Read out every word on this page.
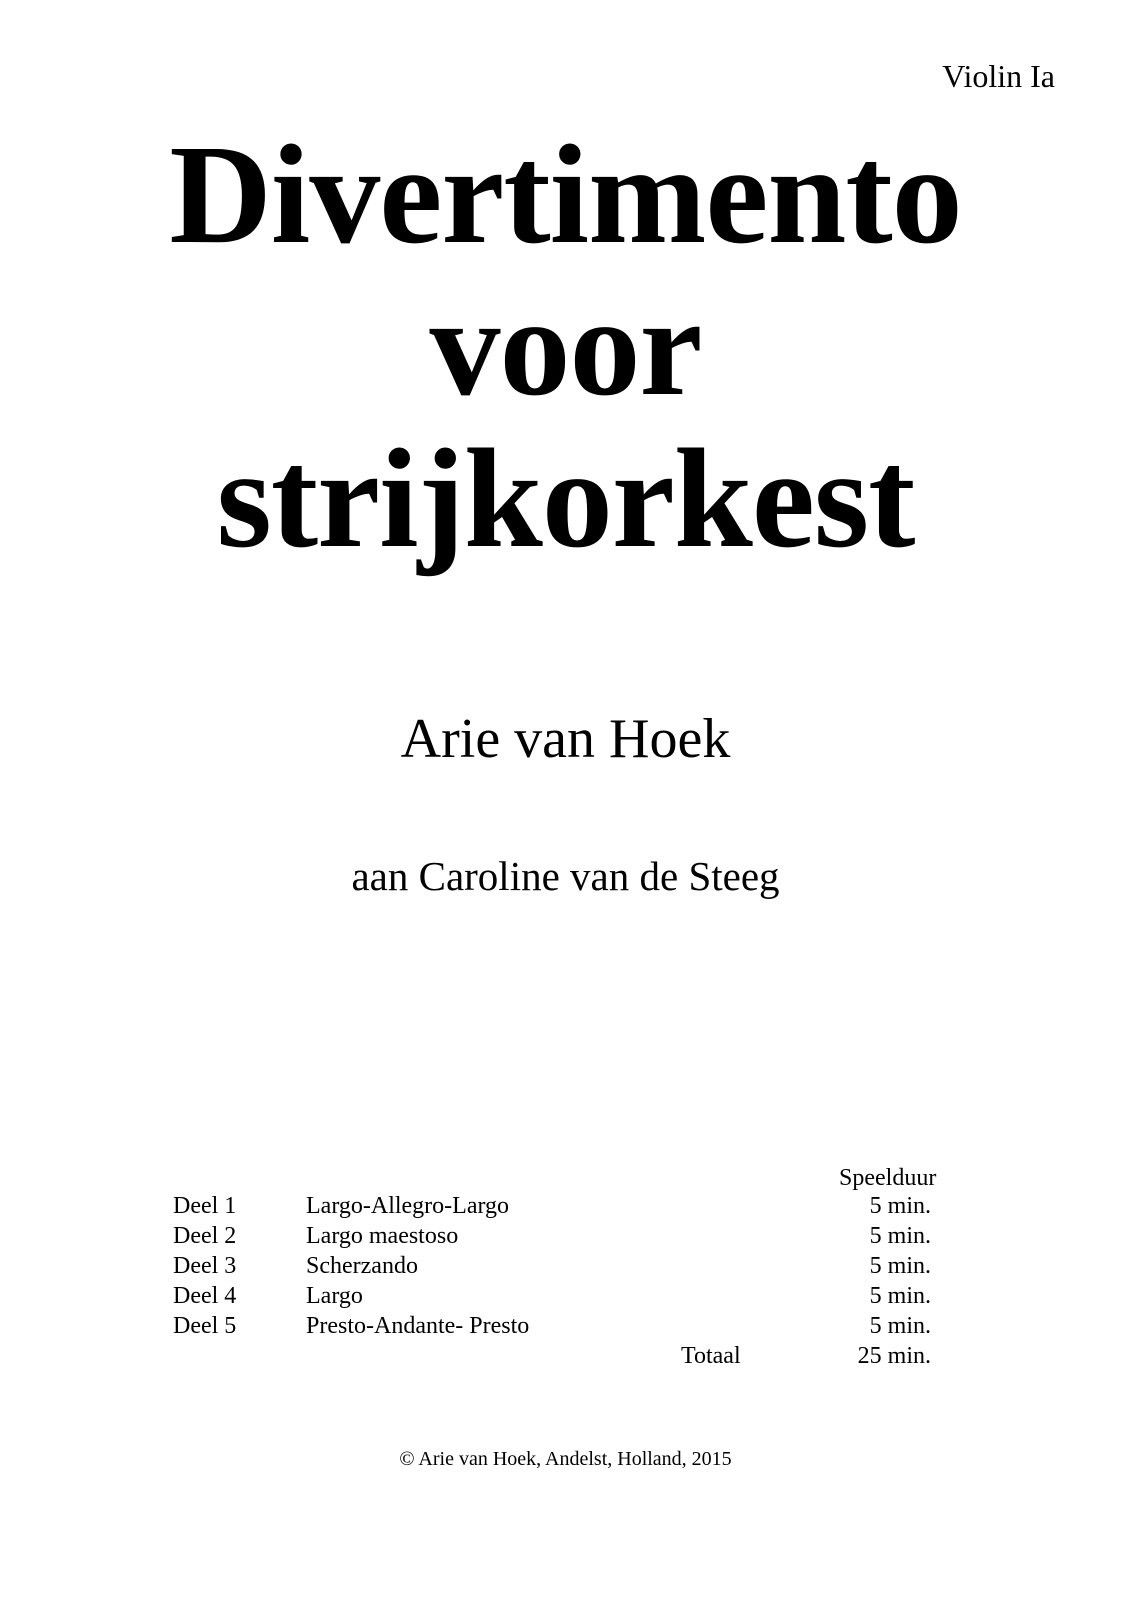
Violin Ia
Divertimento
voor
strijkorkest
Arie van Hoek
aan Caroline van de Steeg
Speelduur
Deel 1	Largo-Allegro-Largo	5 min.
Deel 2	Largo maestoso	5 min.
Deel 3	Scherzando	5 min.
Deel 4	Largo	5 min.
Deel 5	Presto-Andante- Presto	5 min.
Totaal	25 min.
© Arie van Hoek, Andelst, Holland, 2015
